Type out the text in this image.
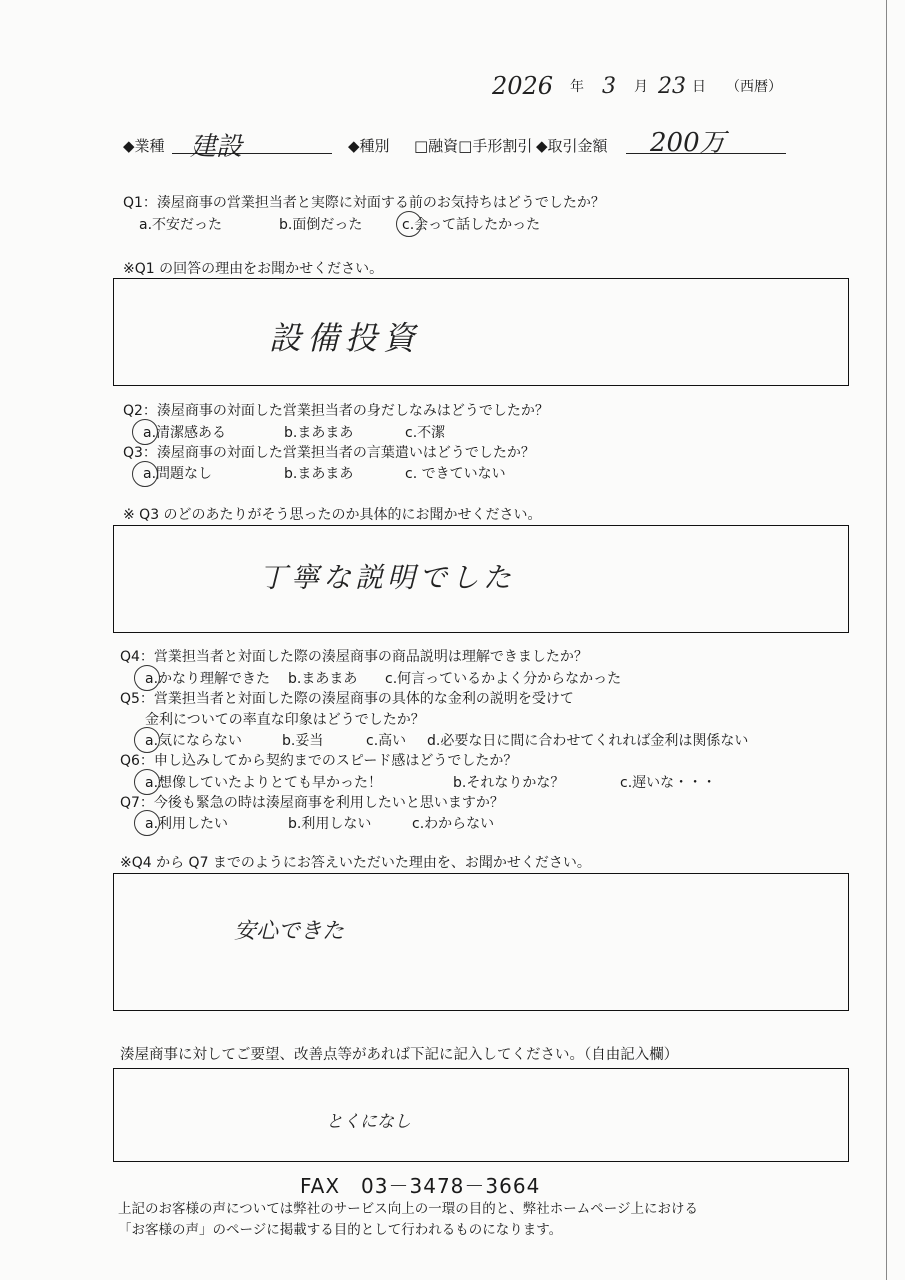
2026 年 3 月 23 日 （西暦）
◆業種 建設	◆種別 □融資□手形割引 ◆取引金額 200万
Q1：湊屋商事の営業担当者と実際に対面する前のお気持ちはどうでしたか？
a.不安だった	b.面倒だった	c.会って話したかった
※Q1 の回答の理由をお聞かせください。
設備投資
Q2：湊屋商事の対面した営業担当者の身だしなみはどうでしたか？
a.清潔感ある	b.まあまあ	c.不潔
Q3：湊屋商事の対面した営業担当者の言葉遣いはどうでしたか？
a.問題なし	b.まあまあ	c. できていない
※ Q3 のどのあたりがそう思ったのか具体的にお聞かせください。
丁寧な説明でした
Q4：営業担当者と対面した際の湊屋商事の商品説明は理解できましたか？
a.かなり理解できた b.まあまあ c.何言っているかよく分からなかった
Q5：営業担当者と対面した際の湊屋商事の具体的な金利の説明を受けて
金利についての率直な印象はどうでしたか？
a.気にならない	b.妥当	c.高い d.必要な日に間に合わせてくれれば金利は関係ない
Q6：申し込みしてから契約までのスピード感はどうでしたか？
a.想像していたよりとても早かった！	b.それなりかな？	c.遅いな・・・
Q7：今後も緊急の時は湊屋商事を利用したいと思いますか？
a.利用したい	b.利用しない	c.わからない
※Q4 から Q7 までのようにお答えいただいた理由を、お聞かせください。
安心できた
湊屋商事に対してご要望、改善点等があれば下記に記入してください。（自由記入欄）
とくになし
FAX　03－3478－3664
上記のお客様の声については弊社のサービス向上の一環の目的と、弊社ホームページ上における
「お客様の声」のページに掲載する目的として行われるものになります。
